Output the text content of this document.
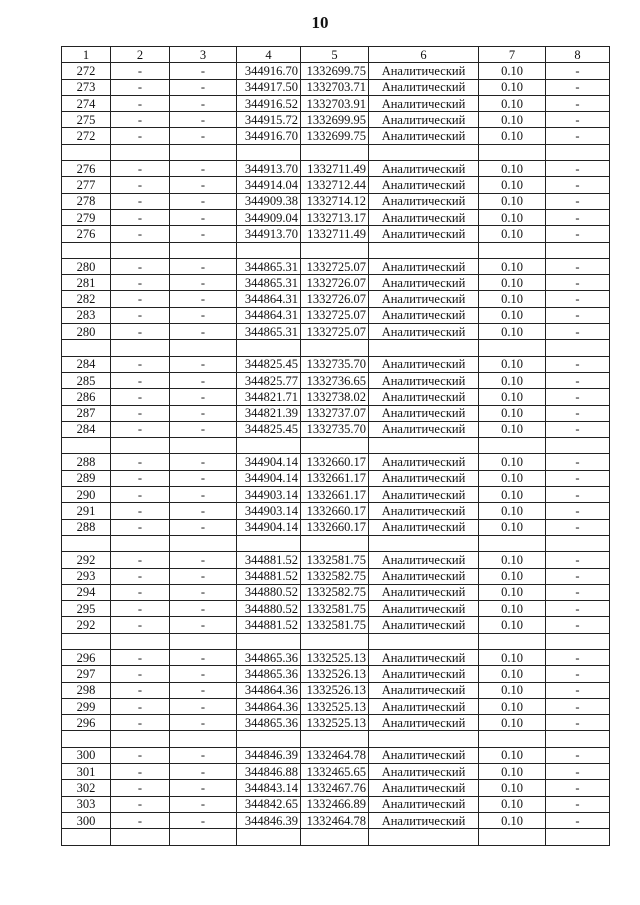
10
1	2	3	4	5	6	7	8
272	-	-	344916.70	1332699.75	Аналитический	0.10	-
273	-	-	344917.50	1332703.71	Аналитический	0.10	-
274	-	-	344916.52	1332703.91	Аналитический	0.10	-
275	-	-	344915.72	1332699.95	Аналитический	0.10	-
272	-	-	344916.70	1332699.75	Аналитический	0.10	-

276	-	-	344913.70	1332711.49	Аналитический	0.10	-
277	-	-	344914.04	1332712.44	Аналитический	0.10	-
278	-	-	344909.38	1332714.12	Аналитический	0.10	-
279	-	-	344909.04	1332713.17	Аналитический	0.10	-
276	-	-	344913.70	1332711.49	Аналитический	0.10	-

280	-	-	344865.31	1332725.07	Аналитический	0.10	-
281	-	-	344865.31	1332726.07	Аналитический	0.10	-
282	-	-	344864.31	1332726.07	Аналитический	0.10	-
283	-	-	344864.31	1332725.07	Аналитический	0.10	-
280	-	-	344865.31	1332725.07	Аналитический	0.10	-

284	-	-	344825.45	1332735.70	Аналитический	0.10	-
285	-	-	344825.77	1332736.65	Аналитический	0.10	-
286	-	-	344821.71	1332738.02	Аналитический	0.10	-
287	-	-	344821.39	1332737.07	Аналитический	0.10	-
284	-	-	344825.45	1332735.70	Аналитический	0.10	-

288	-	-	344904.14	1332660.17	Аналитический	0.10	-
289	-	-	344904.14	1332661.17	Аналитический	0.10	-
290	-	-	344903.14	1332661.17	Аналитический	0.10	-
291	-	-	344903.14	1332660.17	Аналитический	0.10	-
288	-	-	344904.14	1332660.17	Аналитический	0.10	-

292	-	-	344881.52	1332581.75	Аналитический	0.10	-
293	-	-	344881.52	1332582.75	Аналитический	0.10	-
294	-	-	344880.52	1332582.75	Аналитический	0.10	-
295	-	-	344880.52	1332581.75	Аналитический	0.10	-
292	-	-	344881.52	1332581.75	Аналитический	0.10	-

296	-	-	344865.36	1332525.13	Аналитический	0.10	-
297	-	-	344865.36	1332526.13	Аналитический	0.10	-
298	-	-	344864.36	1332526.13	Аналитический	0.10	-
299	-	-	344864.36	1332525.13	Аналитический	0.10	-
296	-	-	344865.36	1332525.13	Аналитический	0.10	-

300	-	-	344846.39	1332464.78	Аналитический	0.10	-
301	-	-	344846.88	1332465.65	Аналитический	0.10	-
302	-	-	344843.14	1332467.76	Аналитический	0.10	-
303	-	-	344842.65	1332466.89	Аналитический	0.10	-
300	-	-	344846.39	1332464.78	Аналитический	0.10	-
